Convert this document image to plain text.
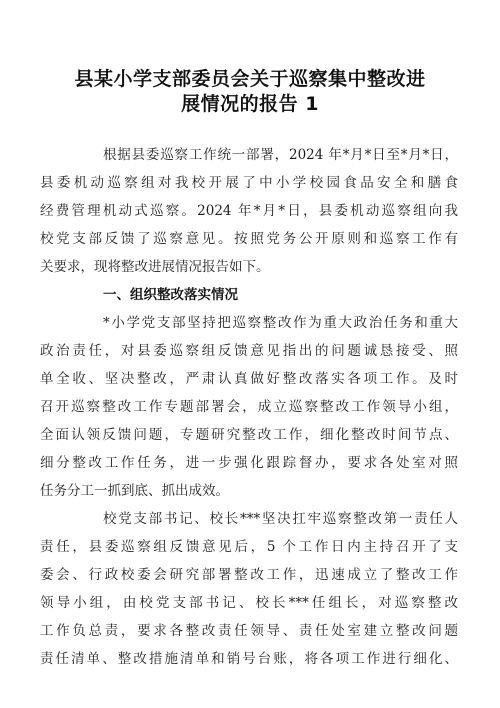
县某小学支部委员会关于巡察集中整改进
展情况的报告 1
根据县委巡察工作统一部署，2024 年*月*日至*月*日，
县委机动巡察组对我校开展了中小学校园食品安全和膳食
经费管理机动式巡察。2024 年*月*日，县委机动巡察组向我
校党支部反馈了巡察意见。按照党务公开原则和巡察工作有
关要求，现将整改进展情况报告如下。
一、组织整改落实情况
*小学党支部坚持把巡察整改作为重大政治任务和重大
政治责任，对县委巡察组反馈意见指出的问题诚恳接受、照
单全收、坚决整改，严肃认真做好整改落实各项工作。及时
召开巡察整改工作专题部署会，成立巡察整改工作领导小组，
全面认领反馈问题，专题研究整改工作，细化整改时间节点、
细分整改工作任务，进一步强化跟踪督办，要求各处室对照
任务分工一抓到底、抓出成效。
校党支部书记、校长***坚决扛牢巡察整改第一责任人
责任，县委巡察组反馈意见后，5 个工作日内主持召开了支
委会、行政校委会研究部署整改工作，迅速成立了整改工作
领导小组，由校党支部书记、校长***任组长，对巡察整改
工作负总责，要求各整改责任领导、责任处室建立整改问题
责任清单、整改措施清单和销号台账，将各项工作进行细化、
